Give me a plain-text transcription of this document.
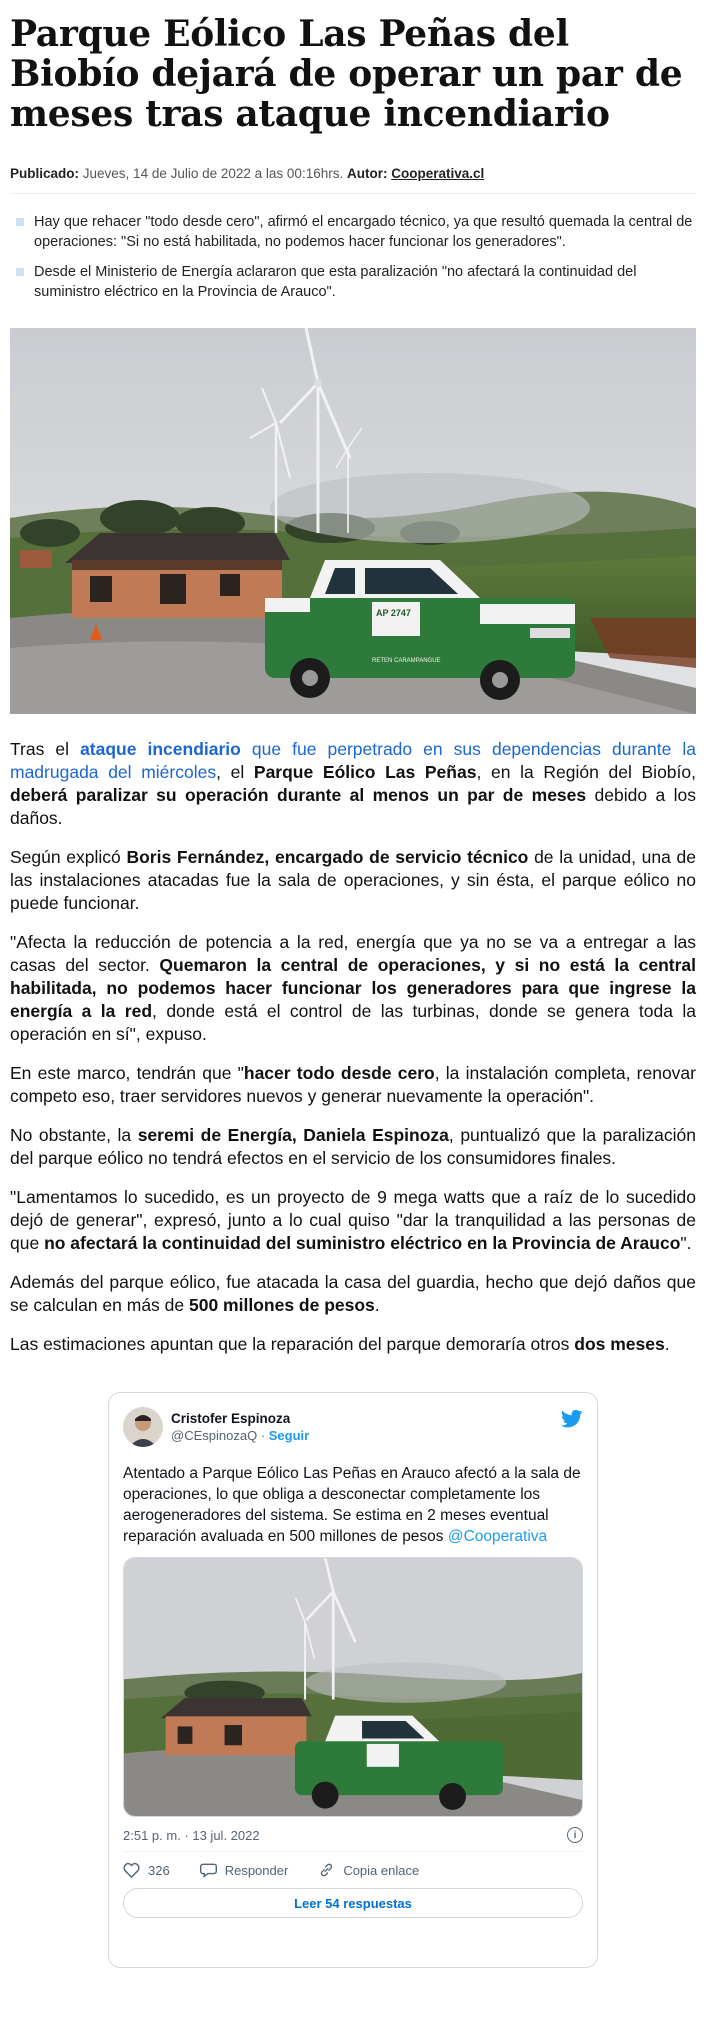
Parque Eólico Las Peñas del Biobío dejará de operar un par de meses tras ataque incendiario
Publicado: Jueves, 14 de Julio de 2022 a las 00:16hrs. Autor: Cooperativa.cl
Hay que rehacer "todo desde cero", afirmó el encargado técnico, ya que resultó quemada la central de operaciones: "Si no está habilitada, no podemos hacer funcionar los generadores".
Desde el Ministerio de Energía aclararon que esta paralización "no afectará la continuidad del suministro eléctrico en la Provincia de Arauco".
AP 2747
RETEN CARAMPANGUE

Tras el ataque incendiario que fue perpetrado en sus dependencias durante la madrugada del miércoles, el Parque Eólico Las Peñas, en la Región del Biobío, deberá paralizar su operación durante al menos un par de meses debido a los daños.

Según explicó Boris Fernández, encargado de servicio técnico de la unidad, una de las instalaciones atacadas fue la sala de operaciones, y sin ésta, el parque eólico no puede funcionar.

"Afecta la reducción de potencia a la red, energía que ya no se va a entregar a las casas del sector. Quemaron la central de operaciones, y si no está la central habilitada, no podemos hacer funcionar los generadores para que ingrese la energía a la red, donde está el control de las turbinas, donde se genera toda la operación en sí", expuso.

En este marco, tendrán que "hacer todo desde cero, la instalación completa, renovar competo eso, traer servidores nuevos y generar nuevamente la operación".

No obstante, la seremi de Energía, Daniela Espinoza, puntualizó que la paralización del parque eólico no tendrá efectos en el servicio de los consumidores finales.

"Lamentamos lo sucedido, es un proyecto de 9 mega watts que a raíz de lo sucedido dejó de generar", expresó, junto a lo cual quiso "dar la tranquilidad a las personas de que no afectará la continuidad del suministro eléctrico en la Provincia de Arauco".

Además del parque eólico, fue atacada la casa del guardia, hecho que dejó daños que se calculan en más de 500 millones de pesos.

Las estimaciones apuntan que la reparación del parque demoraría otros dos meses.

Cristofer Espinoza
@CEspinozaQ · Seguir
Atentado a Parque Eólico Las Peñas en Arauco afectó a la sala de operaciones, lo que obliga a desconectar completamente los aerogeneradores del sistema. Se estima en 2 meses eventual reparación avaluada en 500 millones de pesos @Cooperativa
2:51 p. m. · 13 jul. 2022	i
326	Responder	Copia enlace
Leer 54 respuestas
